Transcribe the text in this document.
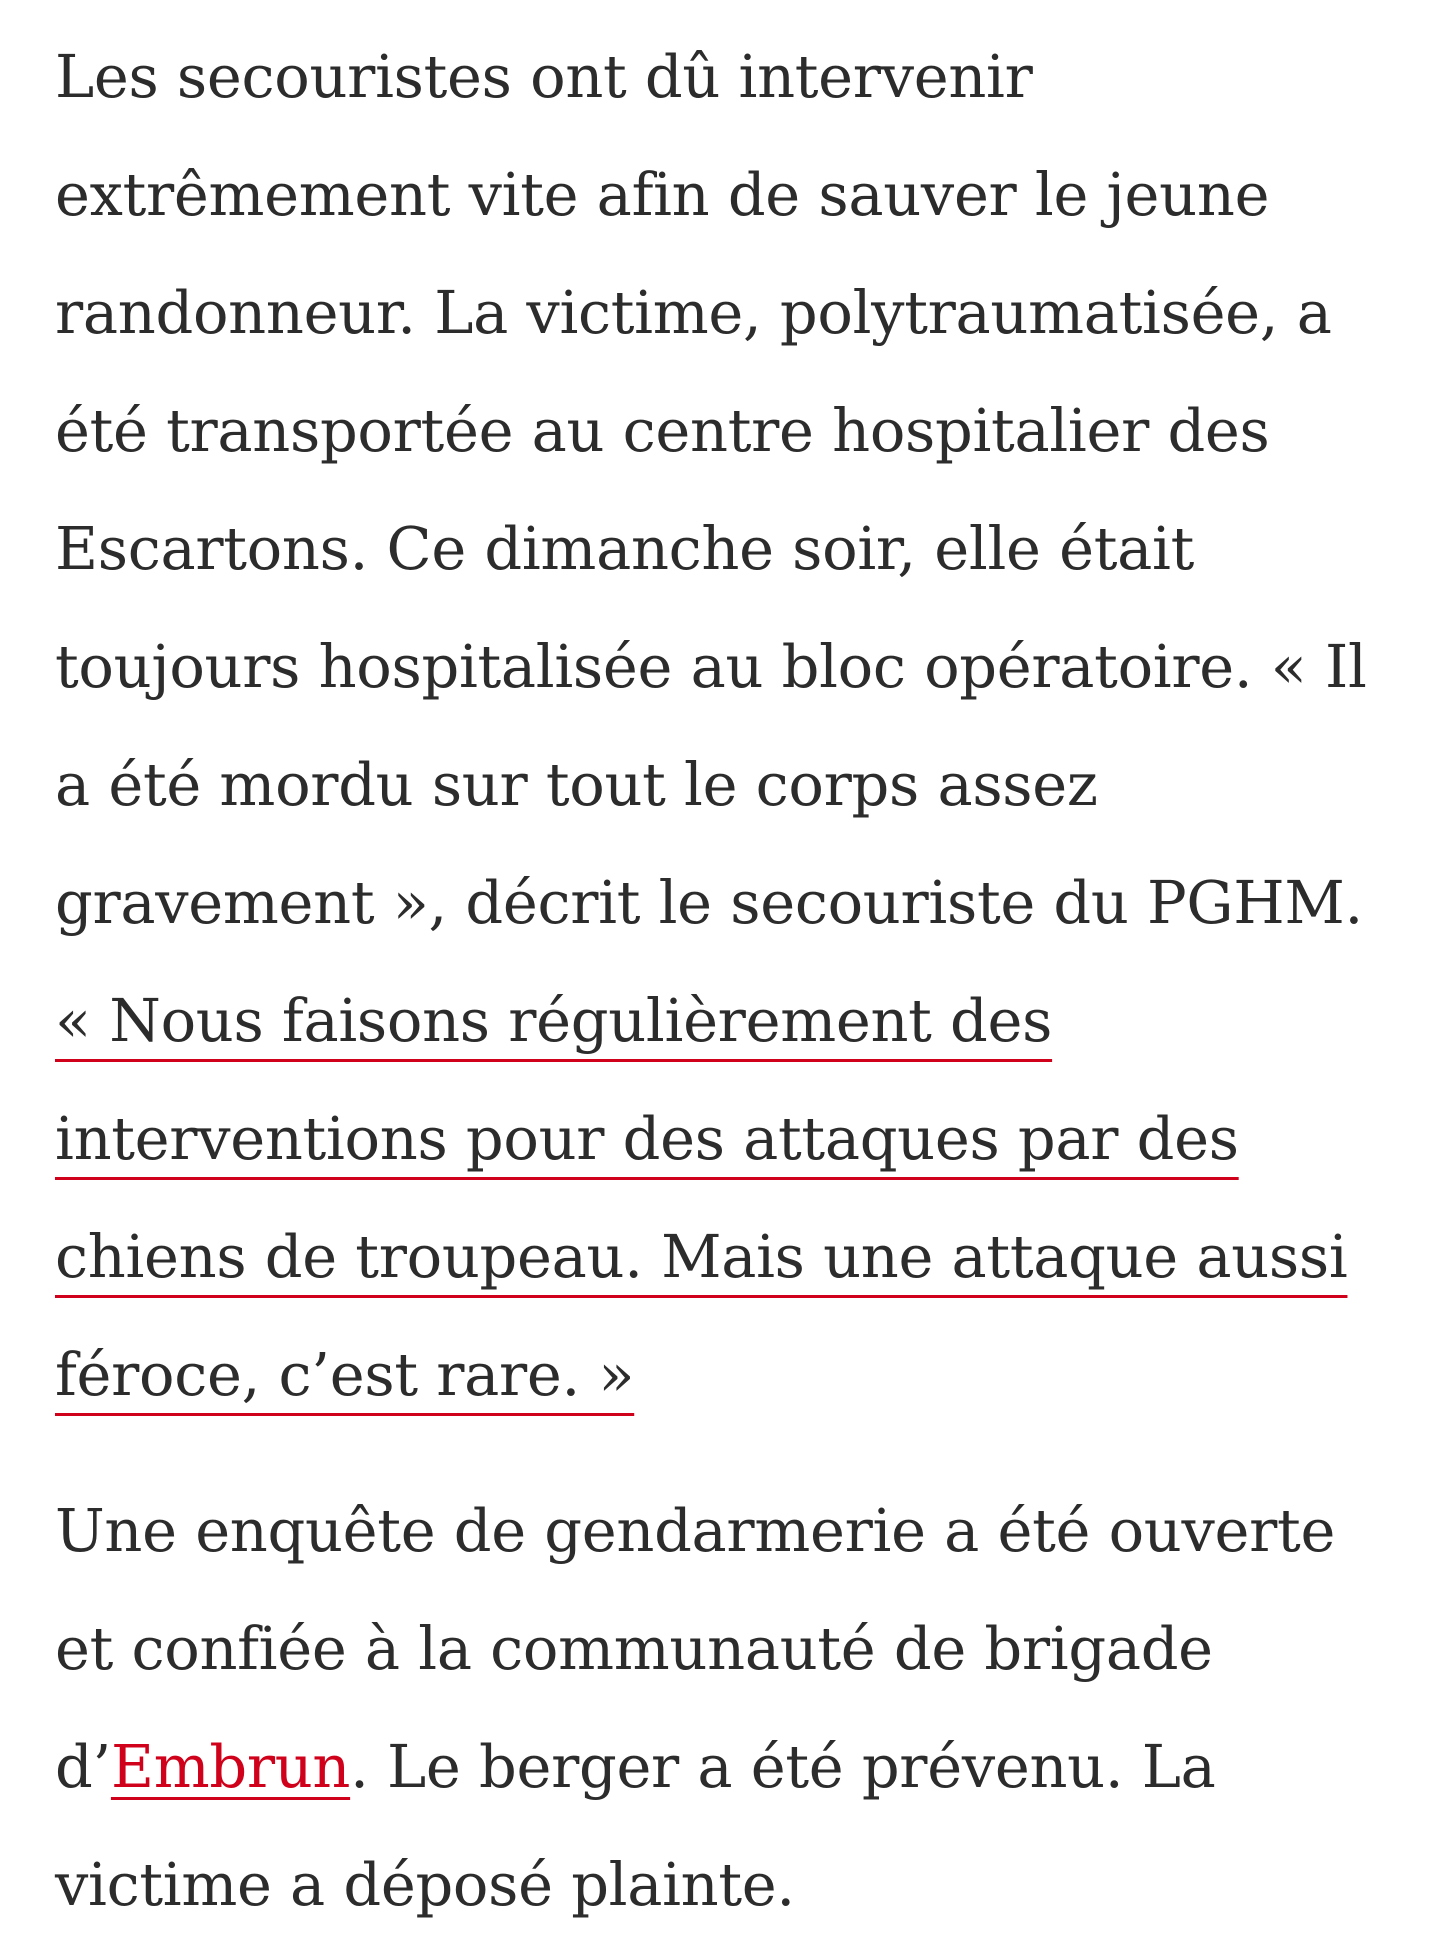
Les secouristes ont dû intervenir extrêmement vite afin de sauver le jeune randonneur. La victime, polytraumatisée, a été transportée au centre hospitalier des Escartons. Ce dimanche soir, elle était toujours hospitalisée au bloc opératoire. « Il a été mordu sur tout le corps assez gravement », décrit le secouriste du PGHM. « Nous faisons régulièrement des interventions pour des attaques par des chiens de troupeau. Mais une attaque aussi féroce, c’est rare. »

Une enquête de gendarmerie a été ouverte et confiée à la communauté de brigade d’Embrun. Le berger a été prévenu. La victime a déposé plainte.
